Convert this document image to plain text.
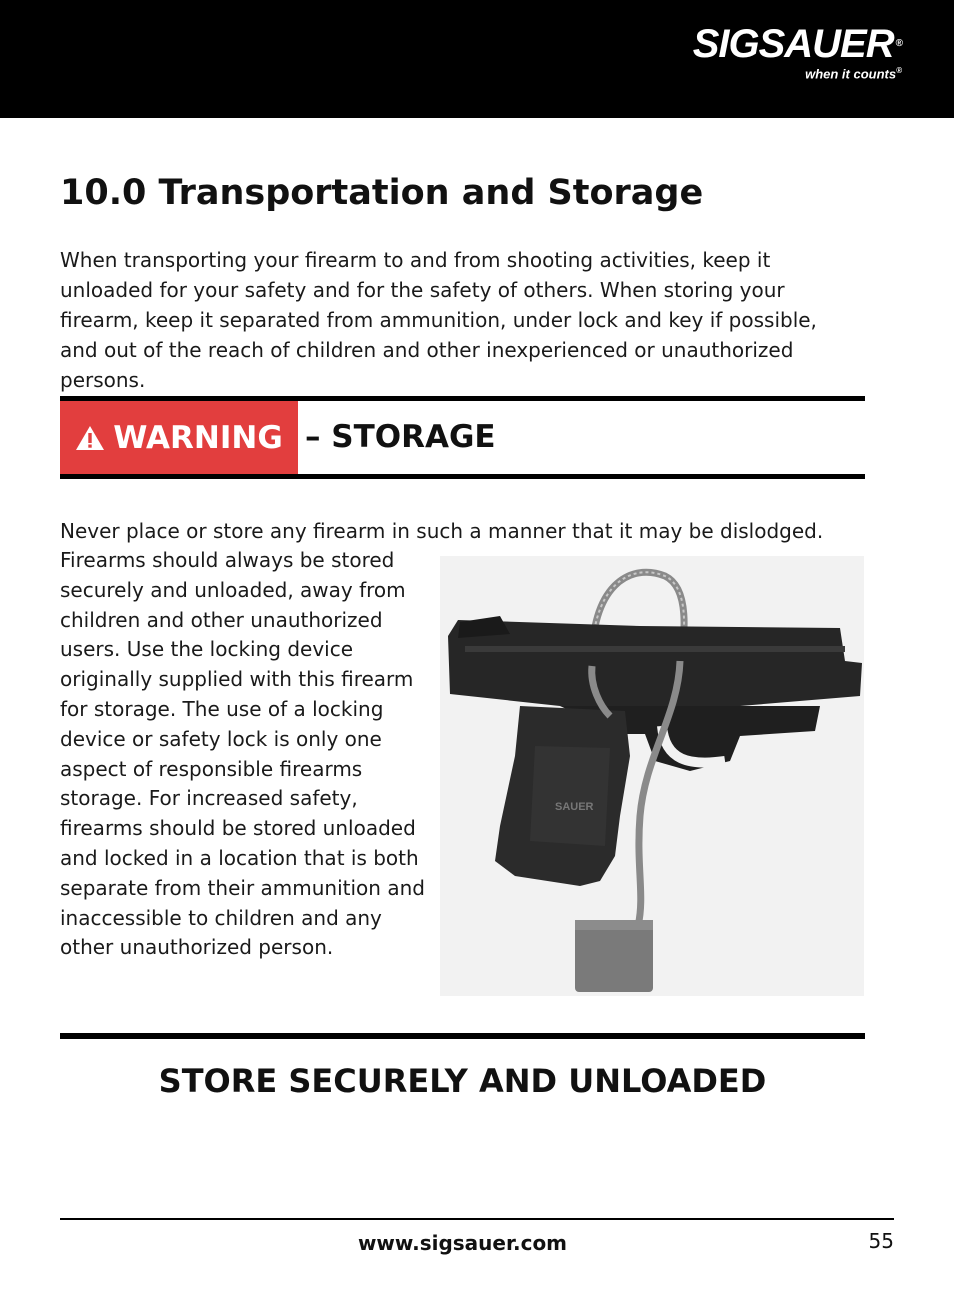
SIGSAUER ®
when it counts®
10.0 Transportation and Storage

When transporting your firearm to and from shooting activities, keep it unloaded for your safety and for the safety of others. When storing your firearm, keep it separated from ammunition, under lock and key if possible, and out of the reach of children and other inexperienced or unauthorized persons.

WARNING – STORAGE

Never place or store any firearm in such a manner that it may be dislodged.

Firearms should always be stored securely and unloaded, away from children and other unauthorized users. Use the locking device originally supplied with this firearm for storage. The use of a locking device or safety lock is only one aspect of responsible firearms storage. For increased safety, firearms should be stored unloaded and locked in a location that is both separate from their ammunition and inaccessible to children and any other unauthorized person.

SAUER

STORE SECURELY AND UNLOADED

www.sigsauer.com	55
